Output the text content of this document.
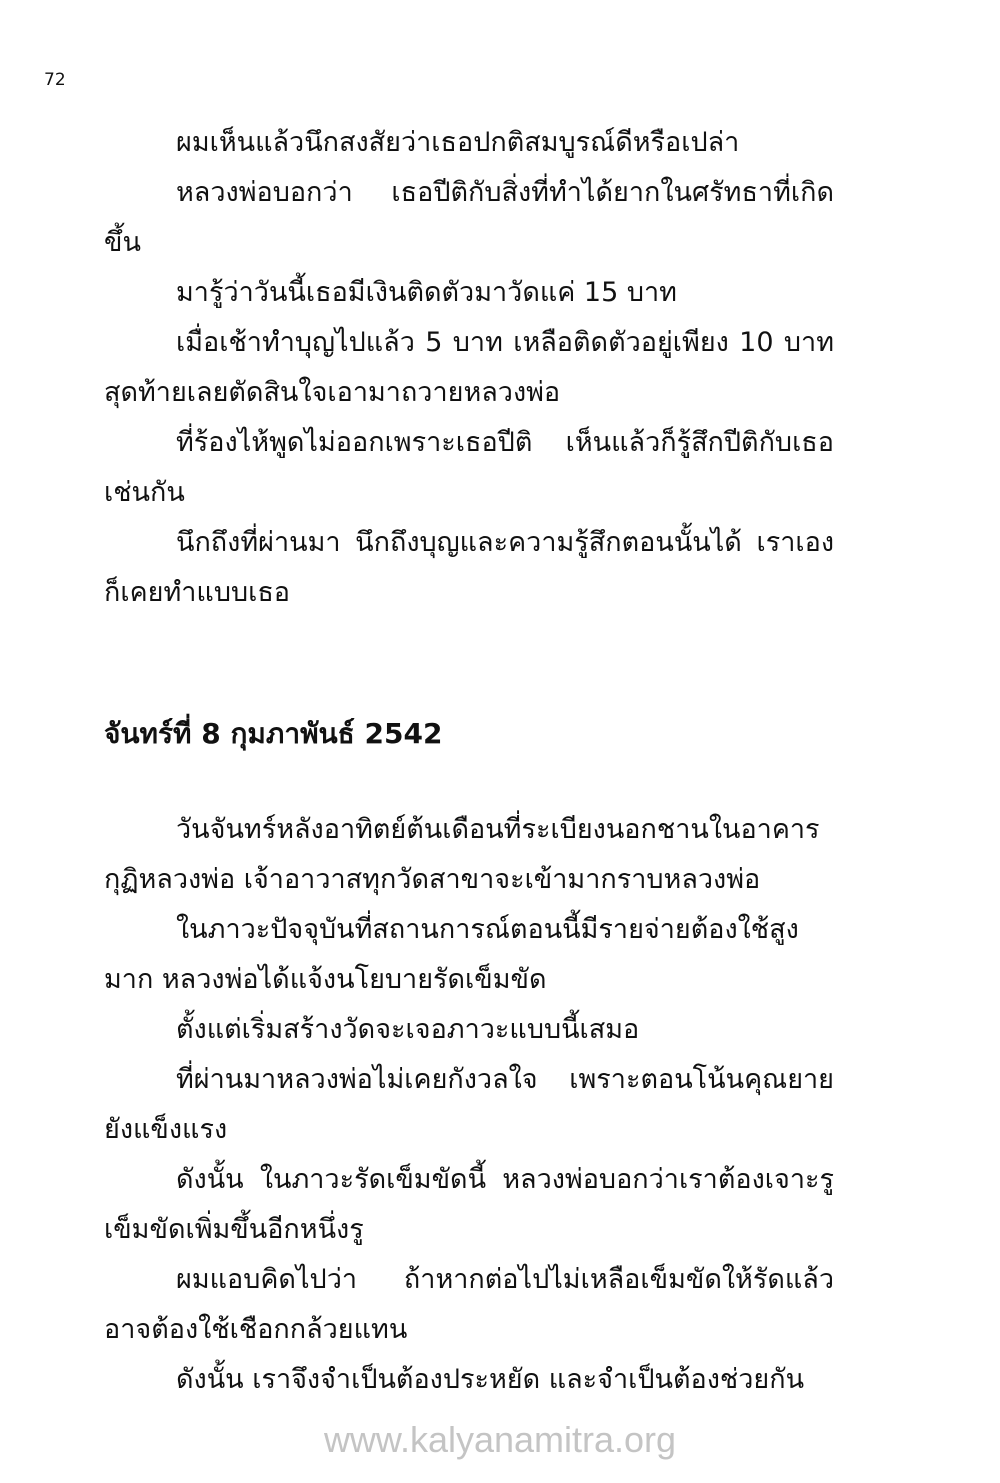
72

ผมเห็นแล้วนึกสงสัยว่าเธอปกติสมบูรณ์ดีหรือเปล่า

หลวงพ่อบอกว่า เธอปีติกับสิ่งที่ทำได้ยากในศรัทธาที่เกิดขึ้น

มารู้ว่าวันนี้เธอมีเงินติดตัวมาวัดแค่ 15 บาท

เมื่อเช้าทำบุญไปแล้ว 5 บาท เหลือติดตัวอยู่เพียง 10 บาท สุดท้ายเลยตัดสินใจเอามาถวายหลวงพ่อ

ที่ร้องไห้พูดไม่ออกเพราะเธอปีติ เห็นแล้วก็รู้สึกปีติกับเธอเช่นกัน

นึกถึงที่ผ่านมา นึกถึงบุญและความรู้สึกตอนนั้นได้ เราเองก็เคยทำแบบเธอ

จันทร์ที่ 8 กุมภาพันธ์ 2542

วันจันทร์หลังอาทิตย์ต้นเดือนที่ระเบียงนอกชานในอาคารกุฏิหลวงพ่อ เจ้าอาวาสทุกวัดสาขาจะเข้ามากราบหลวงพ่อ

ในภาวะปัจจุบันที่สถานการณ์ตอนนี้มีรายจ่ายต้องใช้สูงมาก หลวงพ่อได้แจ้งนโยบายรัดเข็มขัด

ตั้งแต่เริ่มสร้างวัดจะเจอภาวะแบบนี้เสมอ

ที่ผ่านมาหลวงพ่อไม่เคยกังวลใจ เพราะตอนโน้นคุณยายยังแข็งแรง

ดังนั้น ในภาวะรัดเข็มขัดนี้ หลวงพ่อบอกว่าเราต้องเจาะรูเข็มขัดเพิ่มขึ้นอีกหนึ่งรู

ผมแอบคิดไปว่า ถ้าหากต่อไปไม่เหลือเข็มขัดให้รัดแล้วอาจต้องใช้เชือกกล้วยแทน

ดังนั้น เราจึงจำเป็นต้องประหยัด และจำเป็นต้องช่วยกัน

www.kalyanamitra.org
